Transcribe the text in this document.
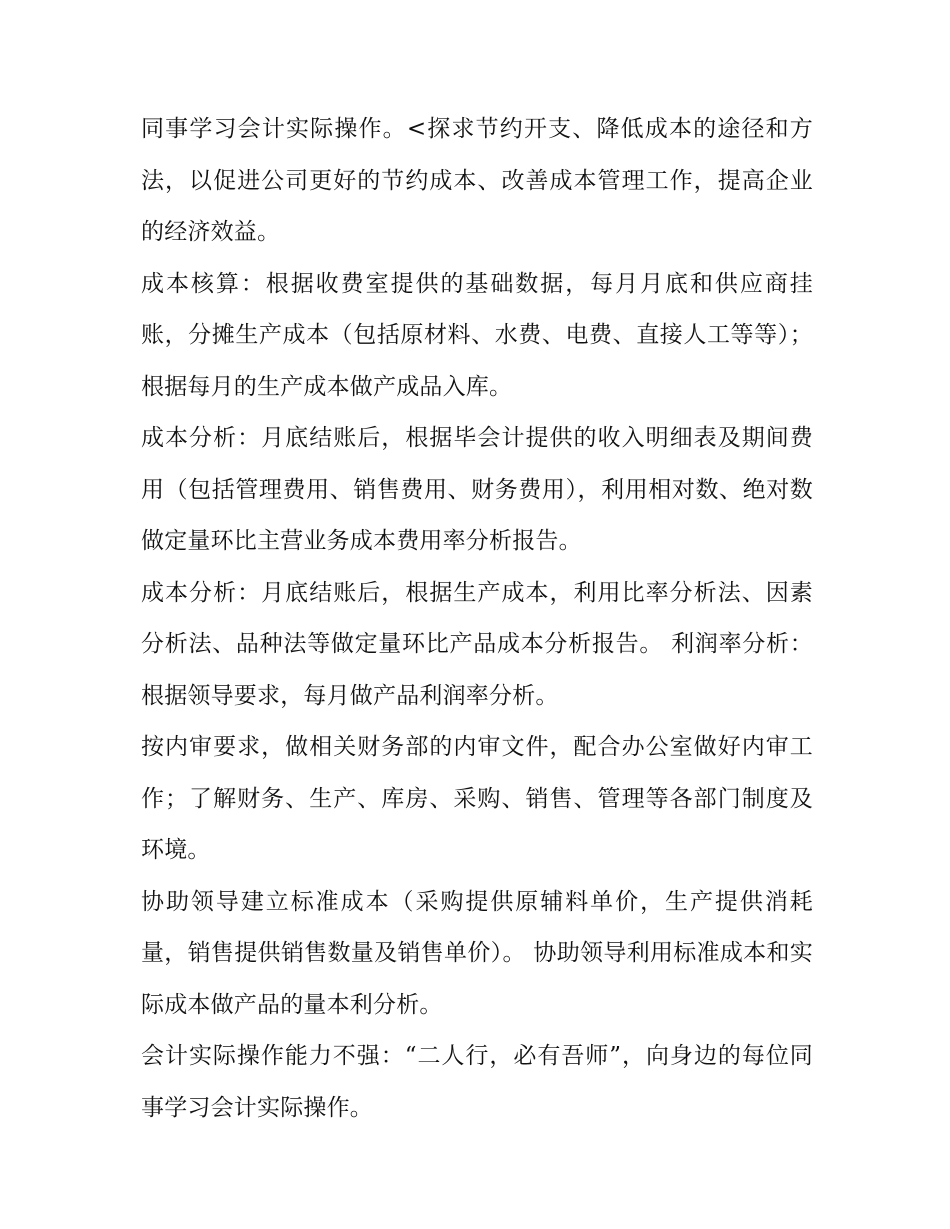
同事学习会计实际操作。<探求节约开支、降低成本的途径和方法，以促进公司更好的节约成本、改善成本管理工作，提高企业的经济效益。

成本核算：根据收费室提供的基础数据，每月月底和供应商挂账，分摊生产成本（包括原材料、水费、电费、直接人工等等）；根据每月的生产成本做产成品入库。

成本分析：月底结账后，根据毕会计提供的收入明细表及期间费用（包括管理费用、销售费用、财务费用），利用相对数、绝对数做定量环比主营业务成本费用率分析报告。

成本分析：月底结账后，根据生产成本，利用比率分析法、因素分析法、品种法等做定量环比产品成本分析报告。 利润率分析：根据领导要求，每月做产品利润率分析。

按内审要求，做相关财务部的内审文件，配合办公室做好内审工作；了解财务、生产、库房、采购、销售、管理等各部门制度及环境。

协助领导建立标准成本（采购提供原辅料单价，生产提供消耗量，销售提供销售数量及销售单价）。 协助领导利用标准成本和实际成本做产品的量本利分析。

会计实际操作能力不强：“二人行，必有吾师”，向身边的每位同事学习会计实际操作。
